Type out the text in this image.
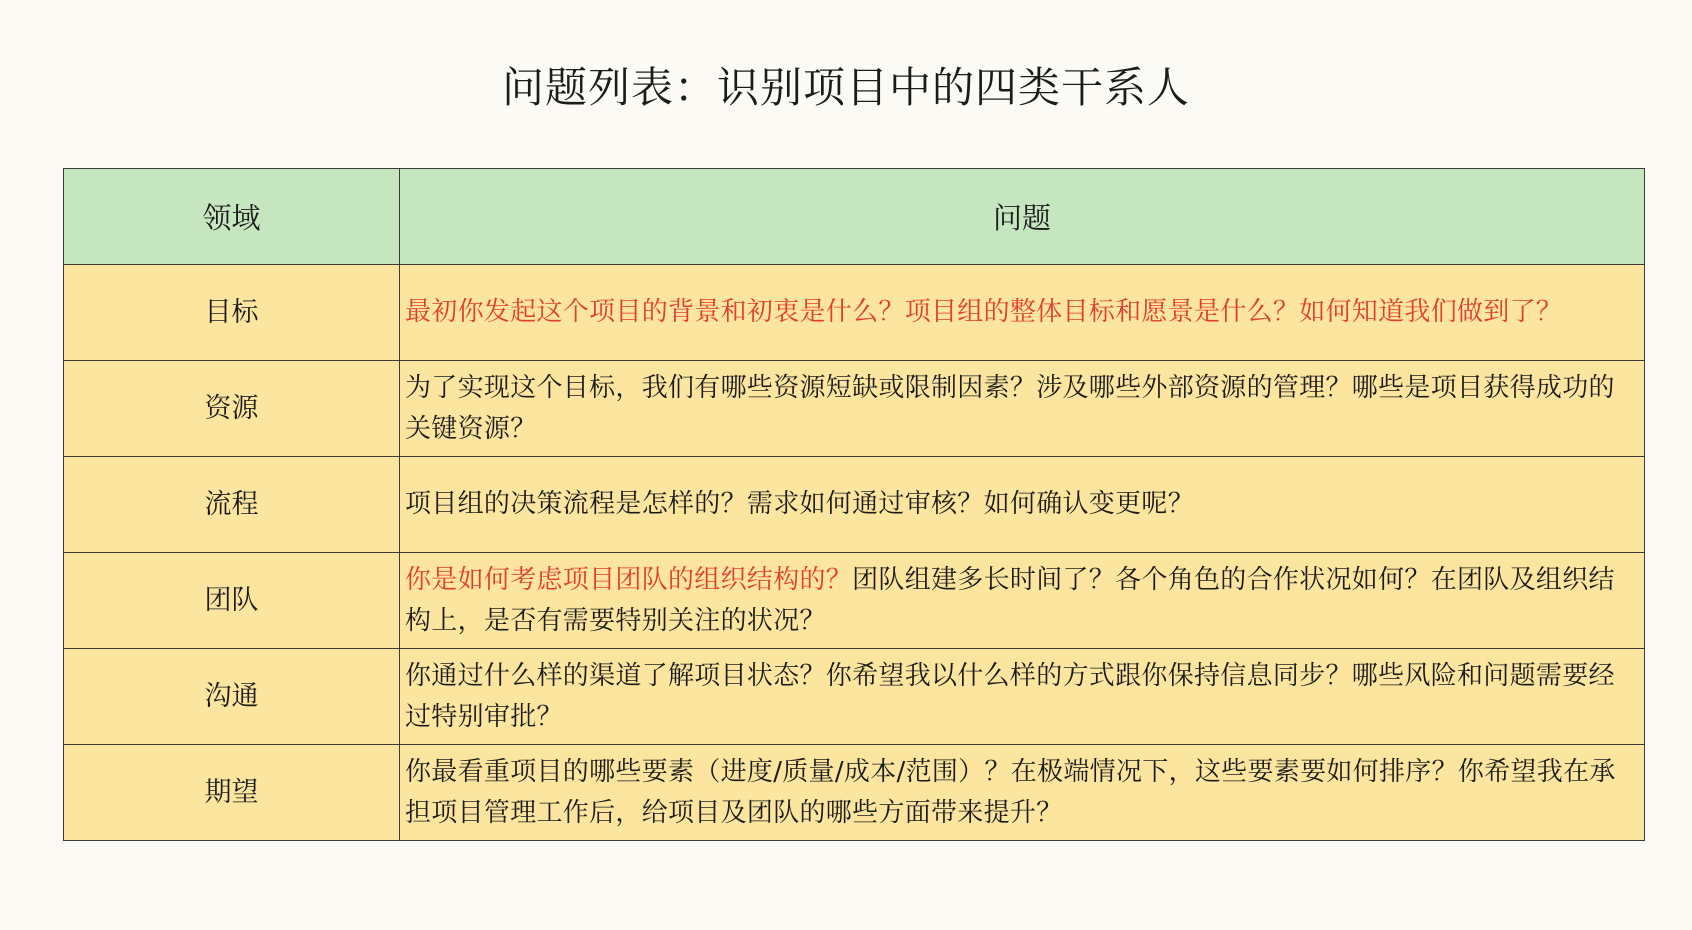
问题列表：识别项目中的四类干系人
领域	问题
目标	最初你发起这个项目的背景和初衷是什么？项目组的整体目标和愿景是什么？如何知道我们做到了？
资源	为了实现这个目标，我们有哪些资源短缺或限制因素？涉及哪些外部资源的管理？哪些是项目获得成功的关键资源？
流程	项目组的决策流程是怎样的？需求如何通过审核？如何确认变更呢？
团队	你是如何考虑项目团队的组织结构的？团队组建多长时间了？各个角色的合作状况如何？在团队及组织结构上，是否有需要特别关注的状况？
沟通	你通过什么样的渠道了解项目状态？你希望我以什么样的方式跟你保持信息同步？哪些风险和问题需要经过特别审批？
期望	你最看重项目的哪些要素（进度/质量/成本/范围）？在极端情况下，这些要素要如何排序？你希望我在承担项目管理工作后，给项目及团队的哪些方面带来提升？
